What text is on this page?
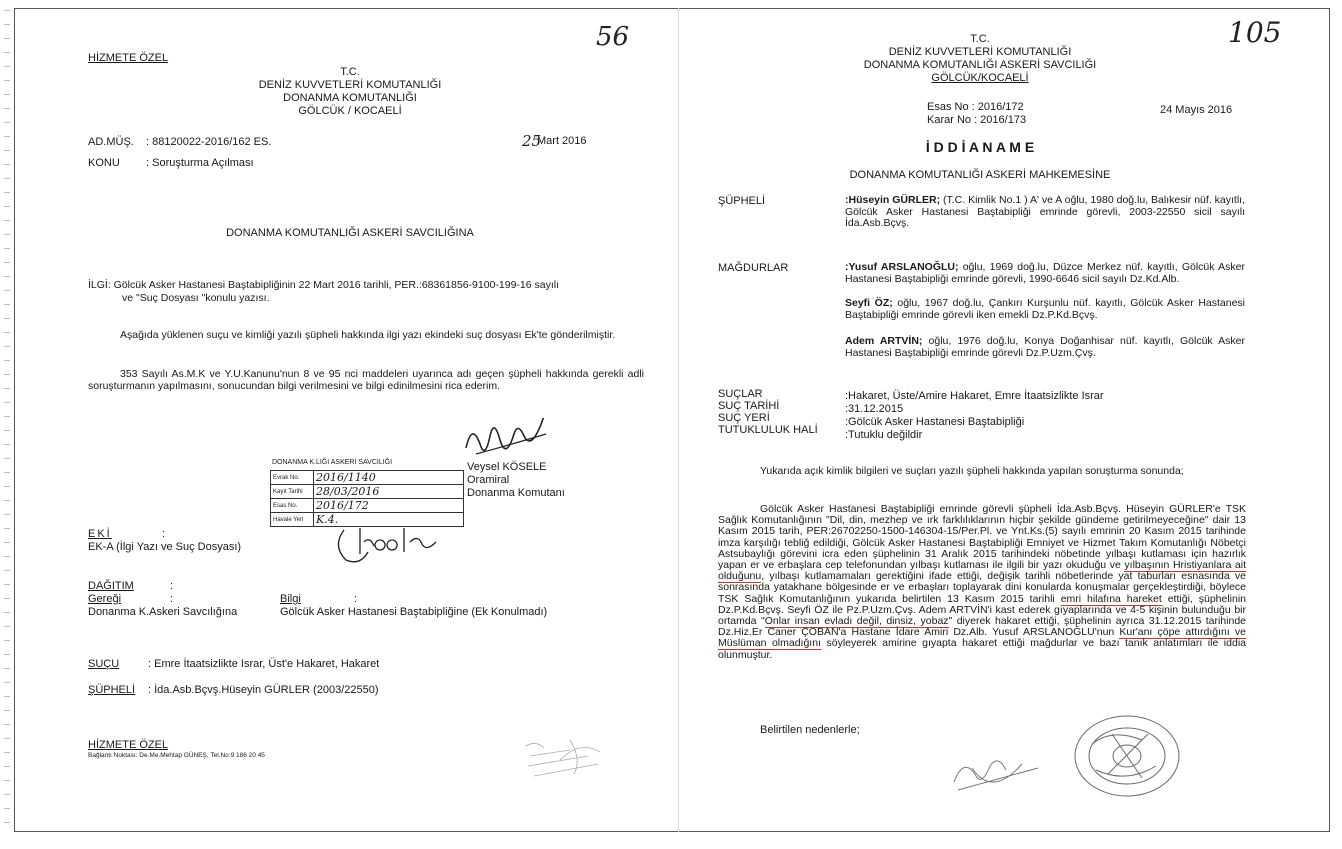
56
HİZMETE ÖZEL
T.C.
DENİZ KUVVETLERİ KOMUTANLIĞI
DONANMA KOMUTANLIĞI
GÖLCÜK / KOCAELİ
AD.MÜŞ. : 88120022-2016/162 ES.	25
Mart 2016
KONU : Soruşturma Açılması
DONANMA KOMUTANLIĞI ASKERİ SAVCILIĞINA
İLGİ: Gölcük Asker Hastanesi Baştabipliğinin 22 Mart 2016 tarihli, PER.:68361856-9100-199-16 sayılı
ve "Suç Dosyası "konulu yazısı.
Aşağıda yüklenen suçu ve kimliği yazılı şüpheli hakkında ilgi yazı ekindeki suç dosyası Ek'te gönderilmiştir.
353 Sayılı As.M.K ve Y.U.Kanunu'nun 8 ve 95 nci maddeleri uyarınca adı geçen şüpheli hakkında gerekli adli soruşturmanın yapılmasını, sonucundan bilgi verilmesini ve bilgi edinilmesini rica ederim.
Veysel KÖSELE
Oramiral
Donanma Komutanı
DONANMA K.LIĞI ASKERİ SAVCILIĞI
Evrak No.	2016/1140
Kayıt Tarihi	28/03/2016
Esas No.	2016/172
Havale Yeri	K.4.
EKİ	:
EK-A (İlgi Yazı ve Suç Dosyası)
DAĞITIM	:
Gereği	:
Donanma K.Askeri Savcılığına
Bilgi	:
Gölcük Asker Hastanesi Baştabipliğine (Ek Konulmadı)
SUÇU	: Emre İtaatsizlikte Israr, Üst'e Hakaret, Hakaret
ŞÜPHELİ	: İda.Asb.Bçvş.Hüseyin GÜRLER (2003/22550)
HİZMETE ÖZEL
Bağlantı Noktası: De.Me.Mehtap GÜNEŞ, Tel.No:9 186 20 45
105
T.C.
DENİZ KUVVETLERİ KOMUTANLIĞI
DONANMA KOMUTANLIĞI ASKERİ SAVCILIĞI
GÖLCÜK/KOCAELİ
Esas No : 2016/172	24 Mayıs 2016
Karar No : 2016/173
İ D D İ A N A M E
DONANMA KOMUTANLIĞI ASKERİ MAHKEMESİNE
ŞÜPHELİ	:Hüseyin GÜRLER; (T.C. Kimlik No.1 ) A' ve A oğlu, 1980 doğ.lu, Balıkesir nüf. kayıtlı, Gölcük Asker Hastanesi Baştabipliği emrinde görevli, 2003-22550 sicil sayılı İda.Asb.Bçvş.
MAĞDURLAR	:Yusuf ARSLANOĞLU; oğlu, 1969 doğ.lu, Düzce Merkez nüf. kayıtlı, Gölcük Asker Hastanesi Baştabipliği emrinde görevli, 1990-6646 sicil sayılı Dz.Kd.Alb.
Seyfi ÖZ; oğlu, 1967 doğ.lu, Çankırı Kurşunlu nüf. kayıtlı, Gölcük Asker Hastanesi Baştabipliği emrinde görevli iken emekli Dz.P.Kd.Bçvş.
Adem ARTVİN; oğlu, 1976 doğ.lu, Konya Doğanhisar nüf. kayıtlı, Gölcük Asker Hastanesi Baştabipliği emrinde görevli Dz.P.Uzm.Çvş.
SUÇLAR	:Hakaret, Üste/Amire Hakaret, Emre İtaatsizlikte Israr
SUÇ TARİHİ	:31.12.2015
SUÇ YERİ	:Gölcük Asker Hastanesi Baştabipliği
TUTUKLULUK HALİ :Tutuklu değildir
Yukarıda açık kimlik bilgileri ve suçları yazılı şüpheli hakkında yapılan soruşturma sonunda;
Gölcük Asker Hastanesi Baştabipliği emrinde görevli şüpheli İda.Asb.Bçvş. Hüseyin GÜRLER'e TSK Sağlık Komutanlığının "Dil, din, mezhep ve ırk farklılıklarının hiçbir şekilde gündeme getirilmeyeceğine" dair 13 Kasım 2015 tarih, PER:26702250-1500-146304-15/Per.Pl. ve Ynt.Ks.(5) sayılı emrinin 20 Kasım 2015 tarihinde imza karşılığı tebliğ edildiği, Gölcük Asker Hastanesi Baştabipliği Emniyet ve Hizmet Takım Komutanlığı Nöbetçi Astsubaylığı görevini icra eden şüphelinin 31 Aralık 2015 tarihindeki nöbetinde yılbaşı kutlaması için hazırlık yapan er ve erbaşlara cep telefonundan yılbaşı kutlaması ile ilgili bir yazı okuduğu ve yılbaşının Hristiyanlara ait olduğunu, yılbaşı kutlamamaları gerektiğini ifade ettiği, değişik tarihli nöbetlerinde yat taburları esnasında ve sonrasında yatakhane bölgesinde er ve erbaşları toplayarak dini konularda konuşmalar gerçekleştirdiği, böylece TSK Sağlık Komutanlığının yukarıda belirtilen 13 Kasım 2015 tarihli emri hilafına hareket ettiği, şüphelinin Dz.P.Kd.Bçvş. Seyfi ÖZ ile Pz.P.Uzm.Çvş. Adem ARTVİN'i kast ederek gıyaplarında ve 4-5 kişinin bulunduğu bir ortamda "Onlar insan evladı değil, dinsiz, yobaz" diyerek hakaret ettiği, şüphelinin ayrıca 31.12.2015 tarihinde Dz.Hiz.Er Caner ÇOBAN'a Hastane İdare Amiri Dz.Alb. Yusuf ARSLANOĞLU'nun Kur'anı çöpe attırdığını ve Müslüman olmadığını söyleyerek amirine gıyapta hakaret ettiği mağdurlar ve bazı tanık anlatımları ile iddia olunmuştur.
Belirtilen nedenlerle;
